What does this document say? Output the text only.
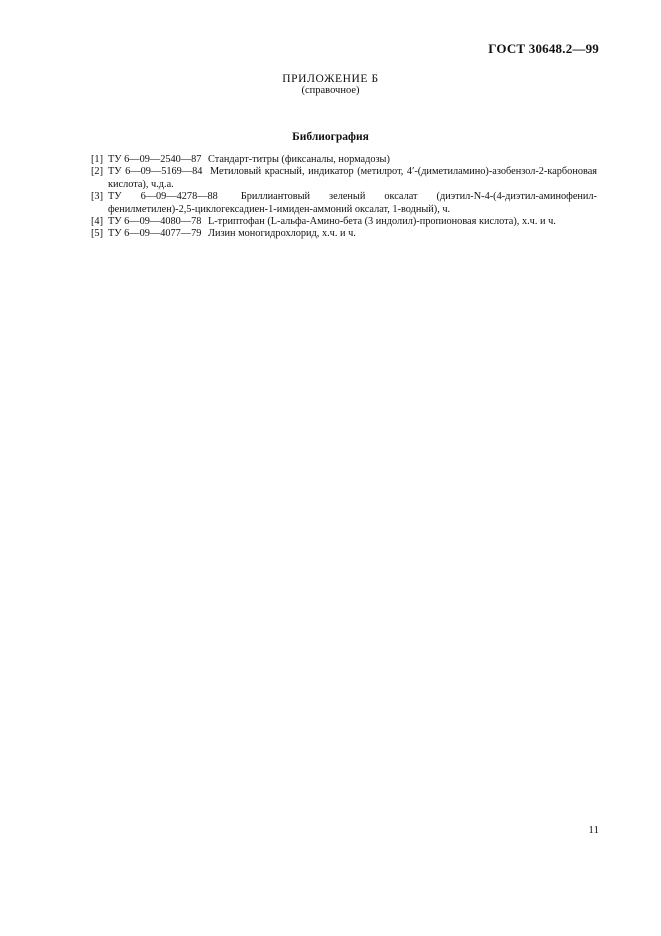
ГОСТ 30648.2—99
ПРИЛОЖЕНИЕ Б
(справочное)
Библиография
[1] ТУ 6—09—2540—87 Стандарт-титры (фиксаналы, нормадозы)
[2] ТУ 6—09—5169—84 Метиловый красный, индикатор (метилрот, 4′-(диметиламино)-азобензол-2-карбоновая кислота), ч.д.а.
[3] ТУ 6—09—4278—88 Бриллиантовый зеленый оксалат (диэтил-N-4-(4-диэтил-аминофенил-фенилметилен)-2,5-циклогексадиен-1-имиден-аммоний оксалат, 1-водный), ч.
[4] ТУ 6—09—4080—78 L-триптофан (L-альфа-Амино-бета (3 индолил)-пропионовая кислота), х.ч. и ч.
[5] ТУ 6—09—4077—79 Лизин моногидрохлорид, х.ч. и ч.
11
